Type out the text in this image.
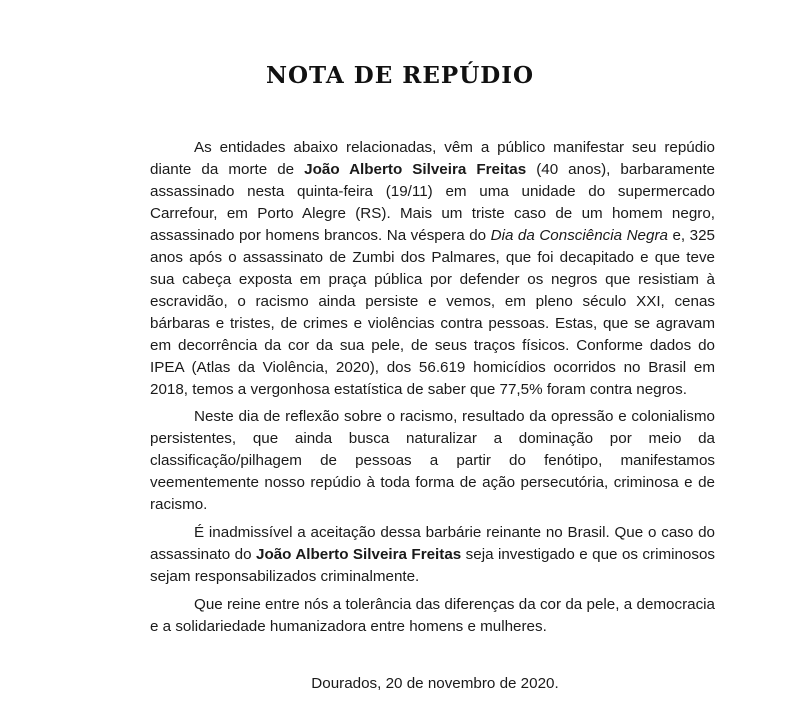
NOTA DE REPÚDIO

As entidades abaixo relacionadas, vêm a público manifestar seu repúdio diante da morte de João Alberto Silveira Freitas (40 anos), barbaramente assassinado nesta quinta-feira (19/11) em uma unidade do supermercado Carrefour, em Porto Alegre (RS). Mais um triste caso de um homem negro, assassinado por homens brancos. Na véspera do Dia da Consciência Negra e, 325 anos após o assassinato de Zumbi dos Palmares, que foi decapitado e que teve sua cabeça exposta em praça pública por defender os negros que resistiam à escravidão, o racismo ainda persiste e vemos, em pleno século XXI, cenas bárbaras e tristes, de crimes e violências contra pessoas. Estas, que se agravam em decorrência da cor da sua pele, de seus traços físicos. Conforme dados do IPEA (Atlas da Violência, 2020), dos 56.619 homicídios ocorridos no Brasil em 2018, temos a vergonhosa estatística de saber que 77,5% foram contra negros.

Neste dia de reflexão sobre o racismo, resultado da opressão e colonialismo persistentes, que ainda busca naturalizar a dominação por meio da classificação/pilhagem de pessoas a partir do fenótipo, manifestamos veementemente nosso repúdio à toda forma de ação persecutória, criminosa e de racismo.

É inadmissível a aceitação dessa barbárie reinante no Brasil. Que o caso do assassinato do João Alberto Silveira Freitas seja investigado e que os criminosos sejam responsabilizados criminalmente.

Que reine entre nós a tolerância das diferenças da cor da pele, a democracia e a solidariedade humanizadora entre homens e mulheres.

Dourados, 20 de novembro de 2020.
